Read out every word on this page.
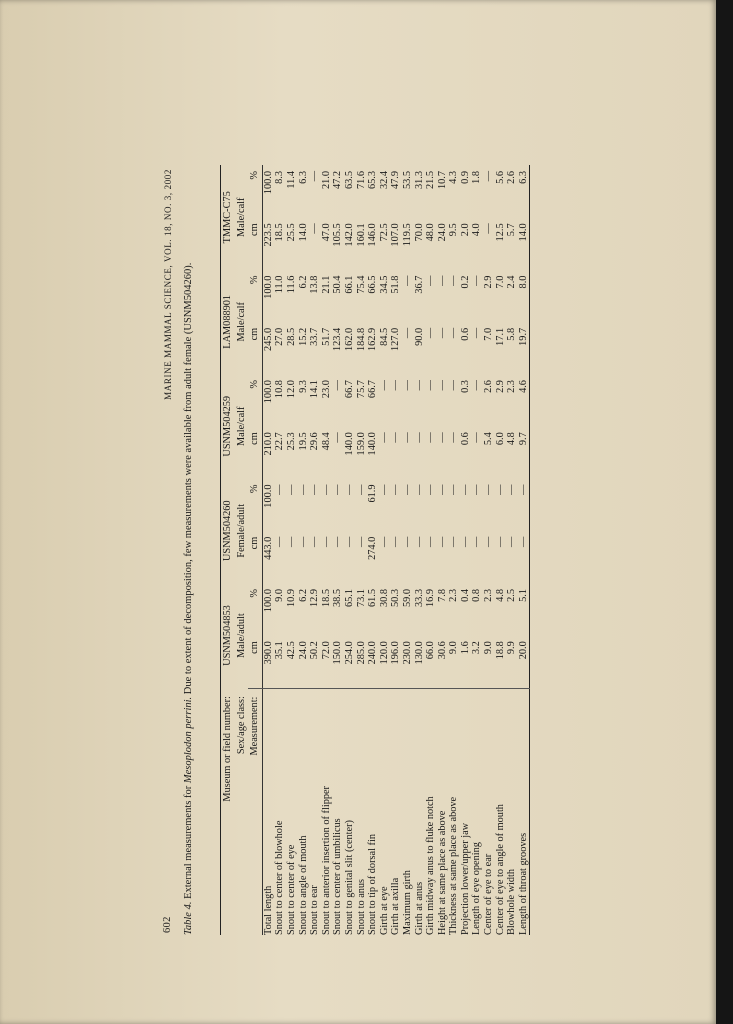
602
MARINE MAMMAL SCIENCE, VOL. 18, NO. 3, 2002
Table 4. External measurements for Mesoplodon perrini. Due to extent of decomposition, few measurements were available from adult female (USNM504260).
Museum or field number:	USNM504853		USNM504260		USNM504259		LAM088901		TMMC-C75	
Sex/age class:	Male/adult		Female/adult		Male/calf		Male/calf		Male/calf	
Measurement:	cm	%	cm	%	cm	%	cm	%	cm	%
Total length	390.0	100.0	443.0	100.0	210.0	100.0	245.0	100.0	223.5	100.0
Snout to center of blowhole	35.1	9.0	—	—	22.7	10.8	27.0	11.0	18.5	8.3
Snout to center of eye	42.5	10.9	—	—	25.3	12.0	28.5	11.6	25.5	11.4
Snout to angle of mouth	24.0	6.2	—	—	19.5	9.3	15.2	6.2	14.0	6.3
Snout to ear	50.2	12.9	—	—	29.6	14.1	33.7	13.8	—	—
Snout to anterior insertion of flipper	72.0	18.5	—	—	48.4	23.0	51.7	21.1	47.0	21.0
Snout to center of umbilicus	150.0	38.5	—	—	—	—	123.4	50.4	105.5	47.2
Snout to genital slit (center)	254.0	65.1	—	—	140.0	66.7	162.0	66.1	142.0	63.5
Snout to anus	285.0	73.1	—	—	159.0	75.7	184.8	75.4	160.1	71.6
Snout to tip of dorsal fin	240.0	61.5	274.0	61.9	140.0	66.7	162.9	66.5	146.0	65.3
Girth at eye	120.0	30.8	—	—	—	—	84.5	34.5	72.5	32.4
Girth at axilla	196.0	50.3	—	—	—	—	127.0	51.8	107.0	47.9
Maximum girth	230.0	59.0	—	—	—	—	—	—	119.5	53.5
Girth at anus	130.0	33.3	—	—	—	—	90.0	36.7	70.0	31.3
Girth midway anus to fluke notch	66.0	16.9	—	—	—	—	—	—	48.0	21.5
Height at same place as above	30.6	7.8	—	—	—	—	—	—	24.0	10.7
Thickness at same place as above	9.0	2.3	—	—	—	—	—	—	9.5	4.3
Projection lower/upper jaw	1.6	0.4	—	—	0.6	0.3	0.6	0.2	2.0	0.9
Length of eye opening	3.2	0.8	—	—	—	—	—	—	4.0	1.8
Center of eye to ear	9.0	2.3	—	—	5.4	2.6	7.0	2.9	—	—
Center of eye to angle of mouth	18.8	4.8	—	—	6.0	2.9	17.1	7.0	12.5	5.6
Blowhole width	9.9	2.5	—	—	4.8	2.3	5.8	2.4	5.7	2.6
Length of throat grooves	20.0	5.1	—	—	9.7	4.6	19.7	8.0	14.0	6.3
